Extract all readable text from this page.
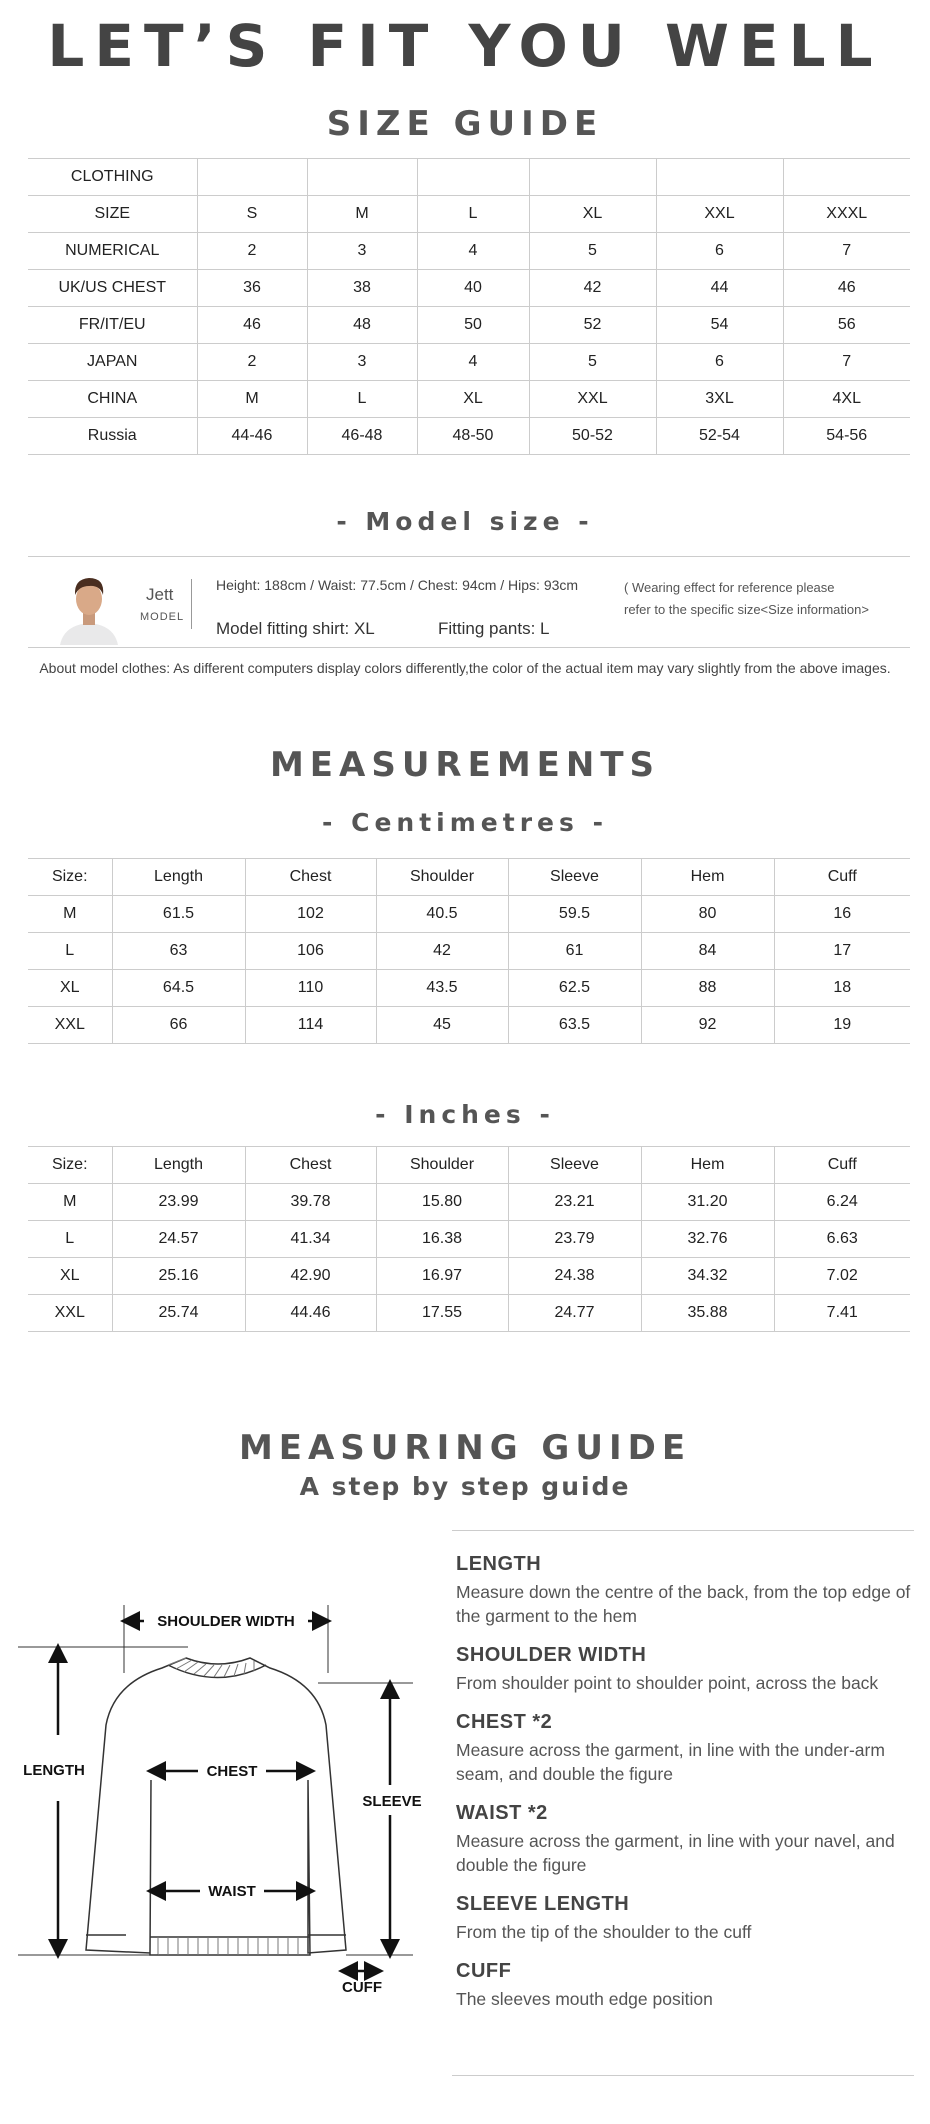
LET’S FIT YOU WELL
SIZE GUIDE
CLOTHING						
SIZE	S	M	L	XL	XXL	XXXL
NUMERICAL	2	3	4	5	6	7
UK/US CHEST	36	38	40	42	44	46
FR/IT/EU	46	48	50	52	54	56
JAPAN	2	3	4	5	6	7
CHINA	M	L	XL	XXL	3XL	4XL
Russia	44-46	46-48	48-50	50-52	52-54	54-56
- Model size -
Jett
MODEL
Height: 188cm / Waist: 77.5cm / Chest: 94cm / Hips: 93cm
Model fitting shirt: XL	Fitting pants: L
( Wearing effect for reference please
refer to the specific size<Size information>
About model clothes: As different computers display colors differently,the color of the actual item may vary slightly from the above images.
MEASUREMENTS
- Centimetres -
Size:	Length	Chest	Shoulder	Sleeve	Hem	Cuff
M	61.5	102	40.5	59.5	80	16
L	63	106	42	61	84	17
XL	64.5	110	43.5	62.5	88	18
XXL	66	114	45	63.5	92	19
- Inches -
Size:	Length	Chest	Shoulder	Sleeve	Hem	Cuff
M	23.99	39.78	15.80	23.21	31.20	6.24
L	24.57	41.34	16.38	23.79	32.76	6.63
XL	25.16	42.90	16.97	24.38	34.32	7.02
XXL	25.74	44.46	17.55	24.77	35.88	7.41
MEASURING GUIDE
A step by step guide
SHOULDER WIDTH
CHEST
WAIST
LENGTH
SLEEVE
CUFF
LENGTH
Measure down the centre of the back, from the top edge of the garment to the hem
SHOULDER WIDTH
From shoulder point to shoulder point, across the back
CHEST *2
Measure across the garment, in line with the under-arm seam, and double the figure
WAIST *2
Measure across the garment, in line with your navel, and double the figure
SLEEVE LENGTH
From the tip of the shoulder to the cuff
CUFF
The sleeves mouth edge position
